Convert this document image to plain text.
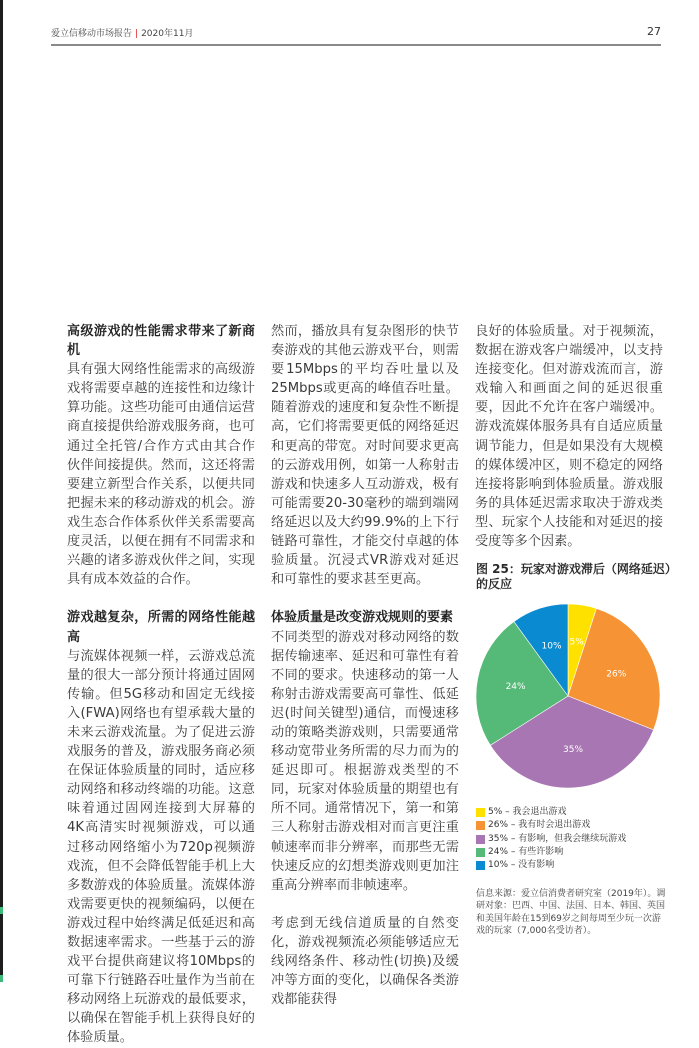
爱立信移动市场报告 | 2020年11月	27
高级游戏的性能需求带来了新商机

具有强大网络性能需求的高级游戏将需要卓越的连接性和边缘计算功能。这些功能可由通信运营商直接提供给游戏服务商，也可通过全托管/合作方式由其合作伙伴间接提供。然而，这还将需要建立新型合作关系，以便共同把握未来的移动游戏的机会。游戏生态合作体系伙伴关系需要高度灵活，以便在拥有不同需求和兴趣的诸多游戏伙伴之间，实现具有成本效益的合作。

游戏越复杂，所需的网络性能越高

与流媒体视频一样，云游戏总流量的很大一部分预计将通过固网传输。但5G移动和固定无线接入(FWA)网络也有望承载大量的未来云游戏流量。为了促进云游戏服务的普及，游戏服务商必须在保证体验质量的同时，适应移动网络和移动终端的功能。这意味着通过固网连接到大屏幕的4K高清实时视频游戏，可以通过移动网络缩小为720p视频游戏流，但不会降低智能手机上大多数游戏的体验质量。流媒体游戏需要更快的视频编码，以便在游戏过程中始终满足低延迟和高数据速率需求。一些基于云的游戏平台提供商建议将10Mbps的可靠下行链路吞吐量作为当前在移动网络上玩游戏的最低要求，以确保在智能手机上获得良好的体验质量。

然而，播放具有复杂图形的快节奏游戏的其他云游戏平台，则需要15Mbps的平均吞吐量以及25Mbps或更高的峰值吞吐量。随着游戏的速度和复杂性不断提高，它们将需要更低的网络延迟和更高的带宽。对时间要求更高的云游戏用例，如第一人称射击游戏和快速多人互动游戏，极有可能需要20-30毫秒的端到端网络延迟以及大约99.9%的上下行链路可靠性，才能交付卓越的体验质量。沉浸式VR游戏对延迟和可靠性的要求甚至更高。

体验质量是改变游戏规则的要素

不同类型的游戏对移动网络的数据传输速率、延迟和可靠性有着不同的要求。快速移动的第一人称射击游戏需要高可靠性、低延迟(时间关键型)通信，而慢速移动的策略类游戏则，只需要通常移动宽带业务所需的尽力而为的延迟即可。根据游戏类型的不同，玩家对体验质量的期望也有所不同。通常情况下，第一和第三人称射击游戏相对而言更注重帧速率而非分辨率，而那些无需快速反应的幻想类游戏则更加注重高分辨率而非帧速率。

考虑到无线信道质量的自然变化，游戏视频流必须能够适应无线网络条件、移动性(切换)及缓冲等方面的变化，以确保各类游戏都能获得

良好的体验质量。对于视频流，数据在游戏客户端缓冲，以支持连接变化。但对游戏流而言，游戏输入和画面之间的延迟很重要，因此不允许在客户端缓冲。游戏流媒体服务具有自适应质量调节能力，但是如果没有大规模的媒体缓冲区，则不稳定的网络连接将影响到体验质量。游戏服务的具体延迟需求取决于游戏类型、玩家个人技能和对延迟的接受度等多个因素。

图 25：玩家对游戏滞后（网络延迟）的反应
5%
26%
35%
24%
10%
5% – 我会退出游戏
26% – 我有时会退出游戏
35% – 有影响，但我会继续玩游戏
24% – 有些许影响
10% – 没有影响
信息来源：爱立信消费者研究室（2019年）。调研对象：巴西、中国、法国、日本、韩国、英国和美国年龄在15到69岁之间每周至少玩一次游戏的玩家（7,000名受访者）。
